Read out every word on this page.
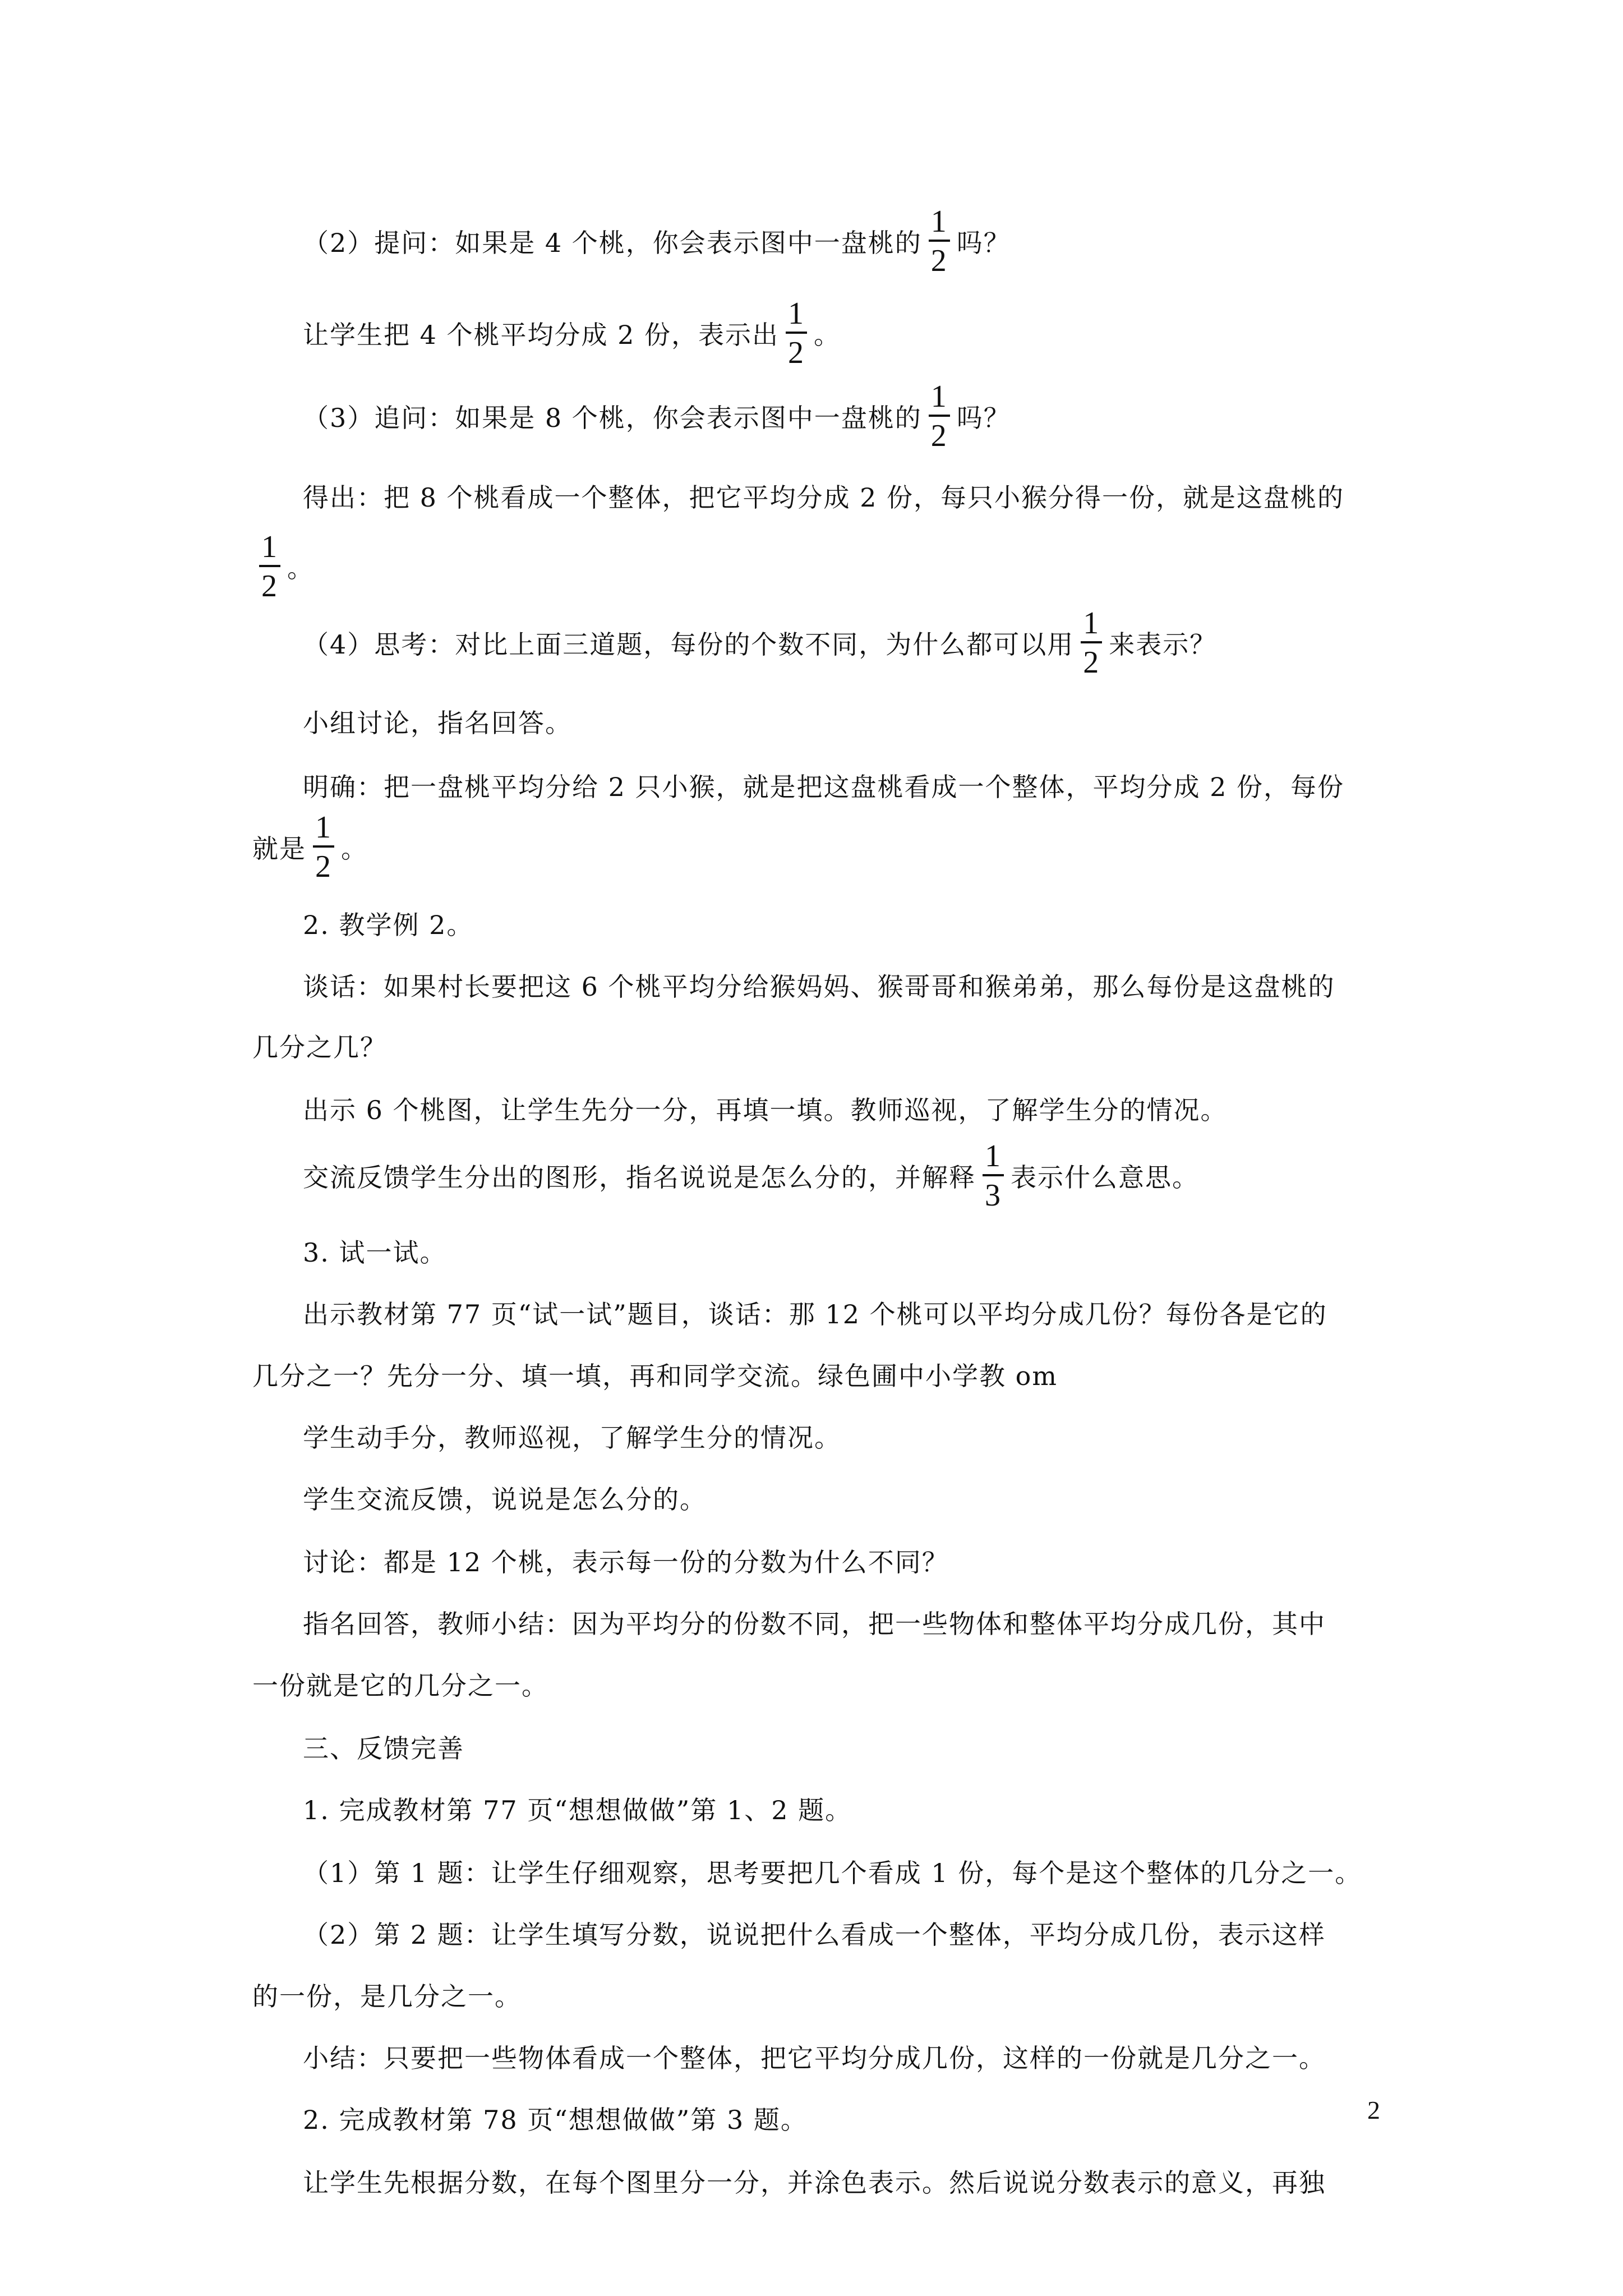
（2）提问：如果是 4 个桃，你会表示图中一盘桃的 $\frac{1}{2}$ 吗？
让学生把 4 个桃平均分成 2 份，表示出 $\frac{1}{2}$ 。
（3）追问：如果是 8 个桃，你会表示图中一盘桃的 $\frac{1}{2}$ 吗？
得出：把 8 个桃看成一个整体，把它平均分成 2 份，每只小猴分得一份，就是这盘桃的
$\frac{1}{2}$ 。
（4）思考：对比上面三道题，每份的个数不同，为什么都可以用 $\frac{1}{2}$ 来表示？
小组讨论，指名回答。
明确：把一盘桃平均分给 2 只小猴，就是把这盘桃看成一个整体，平均分成 2 份，每份
就是 $\frac{1}{2}$ 。
2. 教学例 2。
谈话：如果村长要把这 6 个桃平均分给猴妈妈、猴哥哥和猴弟弟，那么每份是这盘桃的
几分之几？
出示 6 个桃图，让学生先分一分，再填一填。教师巡视，了解学生分的情况。
交流反馈学生分出的图形，指名说说是怎么分的，并解释 $\frac{1}{3}$ 表示什么意思。
3. 试一试。
出示教材第 77 页“试一试”题目，谈话：那 12 个桃可以平均分成几份？每份各是它的
几分之一？先分一分、填一填，再和同学交流。绿色圃中小学教 om
学生动手分，教师巡视，了解学生分的情况。
学生交流反馈，说说是怎么分的。
讨论：都是 12 个桃，表示每一份的分数为什么不同？
指名回答，教师小结：因为平均分的份数不同，把一些物体和整体平均分成几份，其中
一份就是它的几分之一。
三、反馈完善
1. 完成教材第 77 页“想想做做”第 1、2 题。
（1）第 1 题：让学生仔细观察，思考要把几个看成 1 份，每个是这个整体的几分之一。
（2）第 2 题：让学生填写分数，说说把什么看成一个整体，平均分成几份，表示这样
的一份，是几分之一。
小结：只要把一些物体看成一个整体，把它平均分成几份，这样的一份就是几分之一。
2. 完成教材第 78 页“想想做做”第 3 题。
让学生先根据分数，在每个图里分一分，并涂色表示。然后说说分数表示的意义，再独
2
